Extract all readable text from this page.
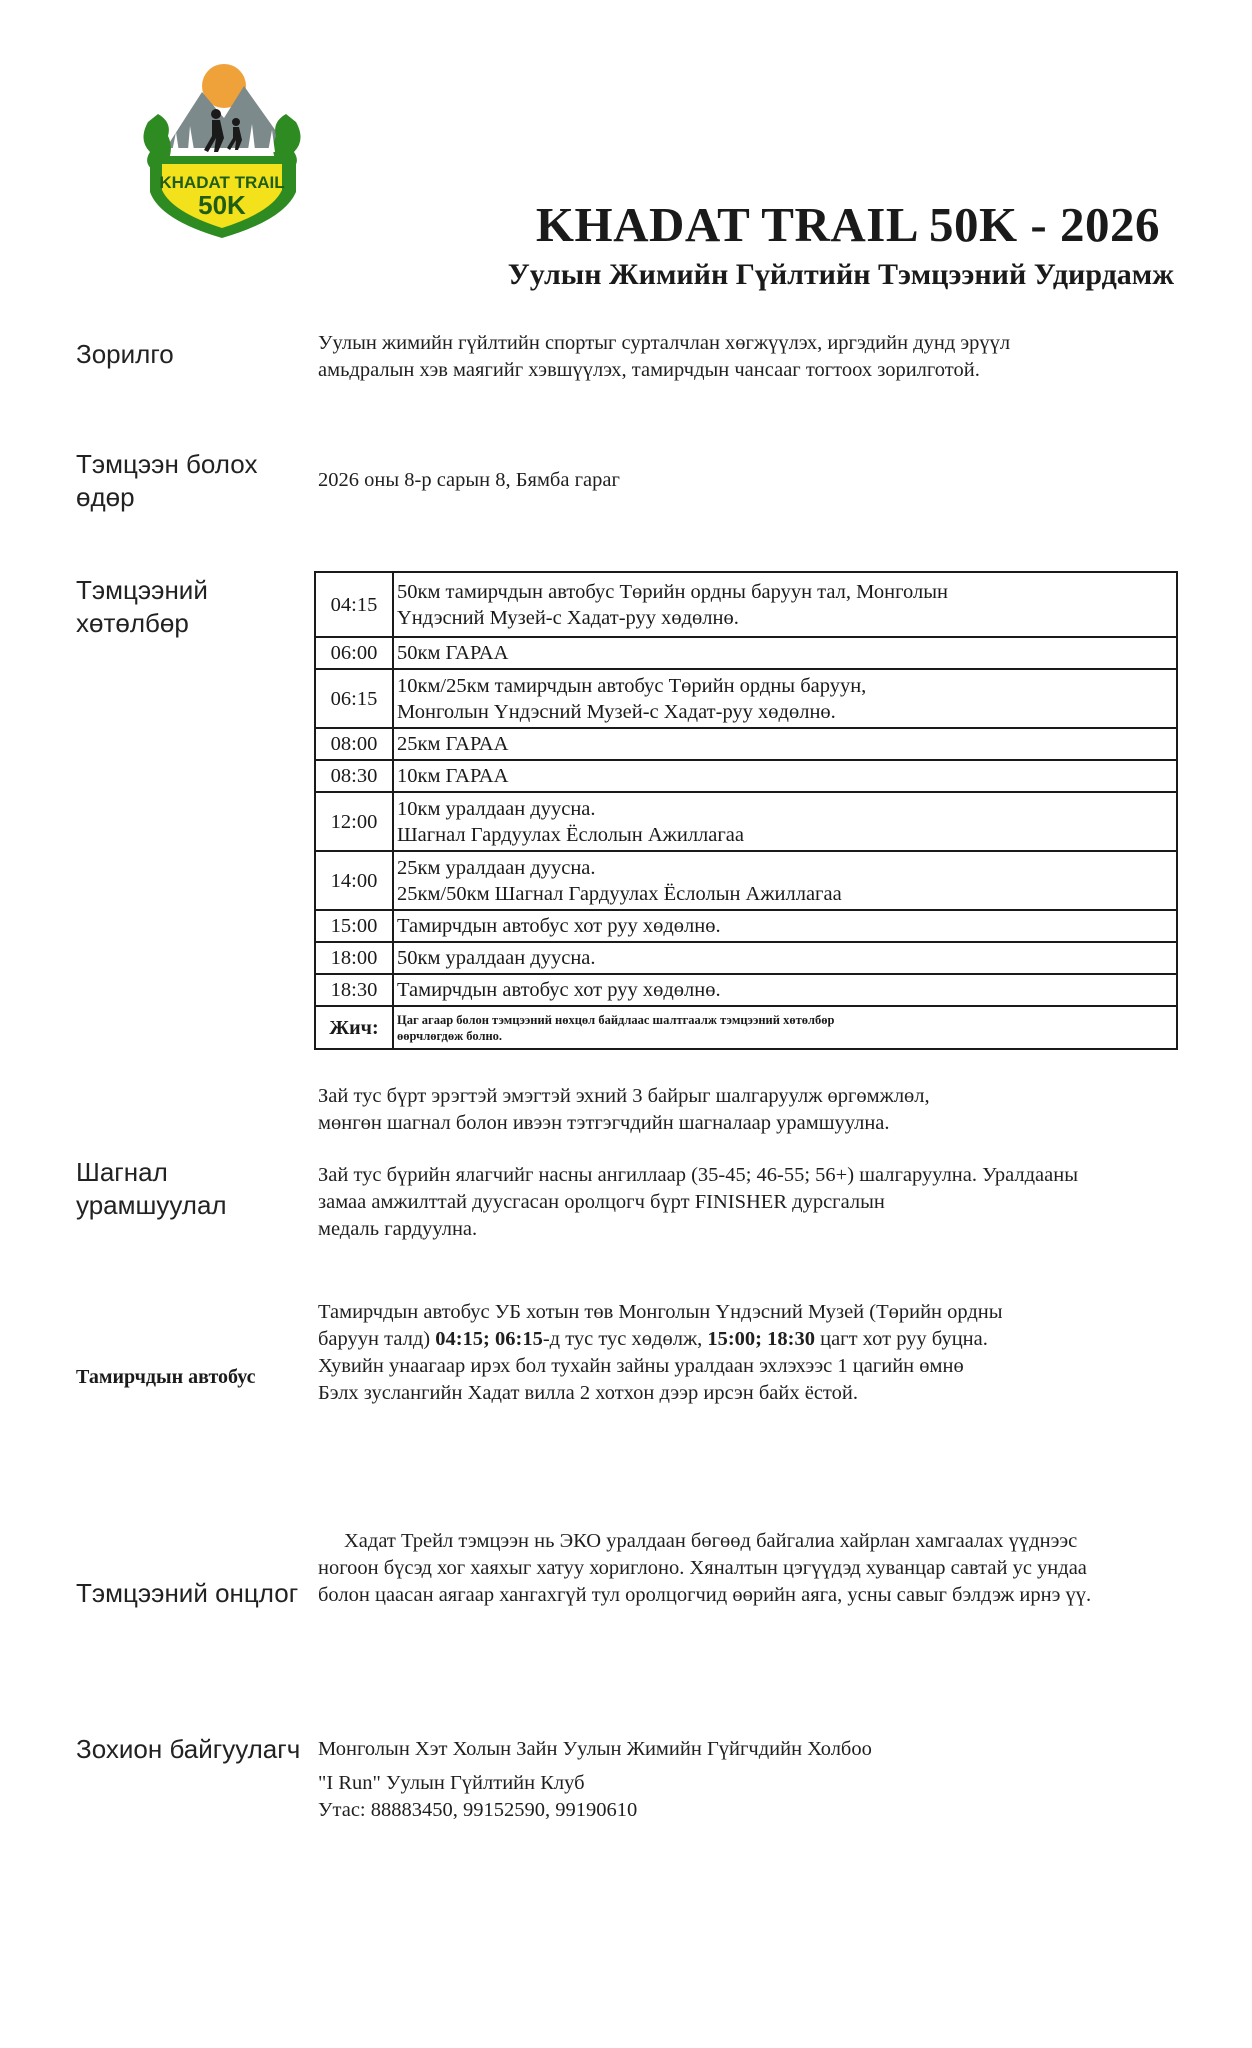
KHADAT TRAIL
50K	KHADAT TRAIL 50K - 2026
Уулын Жимийн Гүйлтийн Тэмцээний Удирдамж
Зорилго	Уулын жимийн гүйлтийн спортыг сурталчлан хөгжүүлэх, иргэдийн дунд эрүүл
амьдралын хэв маягийг хэвшүүлэх, тамирчдын чансааг тогтоох зорилготой.
Тэмцээн болох
өдөр
2026 оны 8-р сарын 8, Бямба гараг
Тэмцээний
хөтөлбөр
04:15	50км тамирчдын автобус Төрийн ордны баруун тал, Монголын
Үндэсний Музей-с Хадат-руу хөдөлнө.

06:00	50км ГАРАА
06:15	10км/25км тамирчдын автобус Төрийн ордны баруун,
Монголын Үндэсний Музей-с Хадат-руу хөдөлнө.

08:00	25км ГАРАА
08:30	10км ГАРАА
12:00	10км уралдаан дуусна.
Шагнал Гардуулах Ёслолын Ажиллагаа

14:00	25км уралдаан дуусна.
25км/50км Шагнал Гардуулах Ёслолын Ажиллагаа

15:00	Тамирчдын автобус хот руу хөдөлнө.
18:00	50км уралдаан дуусна.
18:30	Тамирчдын автобус хот руу хөдөлнө.
Жич:	Цаг агаар болон тэмцээний нөхцөл байдлаас шалтгаалж тэмцээний хөтөлбөр
өөрчлөгдөж болно.
Зай тус бүрт эрэгтэй эмэгтэй эхний 3 байрыг шалгаруулж өргөмжлөл,
мөнгөн шагнал болон ивээн тэтгэгчдийн шагналаар урамшуулна.
Шагнал
урамшуулал
Зай тус бүрийн ялагчийг насны ангиллаар (35-45; 46-55; 56+) шалгаруулна. Уралдааны
замаа амжилттай дуусгасан оролцогч бүрт FINISHER дурсгалын
медаль гардуулна.
Тамирчдын автобус
Тамирчдын автобус УБ хотын төв Монголын Үндэсний Музей (Төрийн ордны
баруун талд) 04:15; 06:15-д тус тус хөдөлж, 15:00; 18:30 цагт хот руу буцна.
Хувийн унаагаар ирэх бол тухайн зайны уралдаан эхлэхээс 1 цагийн өмнө
Бэлх зуслангийн Хадат вилла 2 хотхон дээр ирсэн байх ёстой.
Хадат Трейл тэмцээн нь ЭКО уралдаан бөгөөд байгалиа хайрлан хамгаалах үүднээс
Тэмцээний онцлог
ногоон бүсэд хог хаяхыг хатуу хориглоно. Хяналтын цэгүүдэд хуванцар савтай ус ундаа
болон цаасан аягаар хангахгүй тул оролцогчид өөрийн аяга, усны савыг бэлдэж ирнэ үү.
Зохион байгуулагч Монголын Хэт Холын Зайн Уулын Жимийн Гүйгчдийн Холбоо
"I Run" Уулын Гүйлтийн Клуб
Утас: 88883450, 99152590, 99190610
